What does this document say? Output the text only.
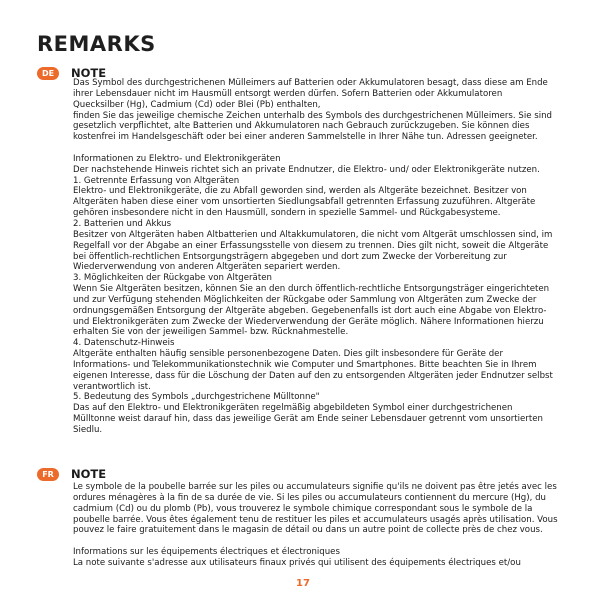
REMARKS
DE	NOTE

Das Symbol des durchgestrichenen Mülleimers auf Batterien oder Akkumulatoren besagt, dass diese am Ende

ihrer Lebensdauer nicht im Hausmüll entsorgt werden dürfen. Sofern Batterien oder Akkumulatoren

Quecksilber (Hg), Cadmium (Cd) oder Blei (Pb) enthalten,

finden Sie das jeweilige chemische Zeichen unterhalb des Symbols des durchgestrichenen Mülleimers. Sie sind

gesetzlich verpflichtet, alte Batterien und Akkumulatoren nach Gebrauch zurückzugeben. Sie können dies

kostenfrei im Handelsgeschäft oder bei einer anderen Sammelstelle in Ihrer Nähe tun. Adressen geeigneter.

Informationen zu Elektro- und Elektronikgeräten

Der nachstehende Hinweis richtet sich an private Endnutzer, die Elektro- und/ oder Elektronikgeräte nutzen.

1. Getrennte Erfassung von Altgeräten

Elektro- und Elektronikgeräte, die zu Abfall geworden sind, werden als Altgeräte bezeichnet. Besitzer von

Altgeräten haben diese einer vom unsortierten Siedlungsabfall getrennten Erfassung zuzuführen. Altgeräte

gehören insbesondere nicht in den Hausmüll, sondern in spezielle Sammel- und Rückgabesysteme.

2. Batterien und Akkus

Besitzer von Altgeräten haben Altbatterien und Altakkumulatoren, die nicht vom Altgerät umschlossen sind, im

Regelfall vor der Abgabe an einer Erfassungsstelle von diesem zu trennen. Dies gilt nicht, soweit die Altgeräte

bei öffentlich-rechtlichen Entsorgungsträgern abgegeben und dort zum Zwecke der Vorbereitung zur

Wiederverwendung von anderen Altgeräten separiert werden.

3. Möglichkeiten der Rückgabe von Altgeräten

Wenn Sie Altgeräten besitzen, können Sie an den durch öffentlich-rechtliche Entsorgungsträger eingerichteten

und zur Verfügung stehenden Möglichkeiten der Rückgabe oder Sammlung von Altgeräten zum Zwecke der

ordnungsgemäßen Entsorgung der Altgeräte abgeben. Gegebenenfalls ist dort auch eine Abgabe von Elektro-

und Elektronikgeräten zum Zwecke der Wiederverwendung der Geräte möglich. Nähere Informationen hierzu

erhalten Sie von der jeweiligen Sammel- bzw. Rücknahmestelle.

4. Datenschutz-Hinweis

Altgeräte enthalten häufig sensible personenbezogene Daten. Dies gilt insbesondere für Geräte der

Informations- und Telekommunikationstechnik wie Computer und Smartphones. Bitte beachten Sie in Ihrem

eigenen Interesse, dass für die Löschung der Daten auf den zu entsorgenden Altgeräten jeder Endnutzer selbst

verantwortlich ist.

5. Bedeutung des Symbols „durchgestrichene Mülltonne"

Das auf den Elektro- und Elektronikgeräten regelmäßig abgebildeten Symbol einer durchgestrichenen

Mülltonne weist darauf hin, dass das jeweilige Gerät am Ende seiner Lebensdauer getrennt vom unsortierten

Siedlu.

FR	NOTE

Le symbole de la poubelle barrée sur les piles ou accumulateurs signifie qu'ils ne doivent pas être jetés avec les

ordures ménagères à la fin de sa durée de vie. Si les piles ou accumulateurs contiennent du mercure (Hg), du

cadmium (Cd) ou du plomb (Pb), vous trouverez le symbole chimique correspondant sous le symbole de la

poubelle barrée. Vous êtes également tenu de restituer les piles et accumulateurs usagés après utilisation. Vous

pouvez le faire gratuitement dans le magasin de détail ou dans un autre point de collecte près de chez vous.

Informations sur les équipements électriques et électroniques

La note suivante s'adresse aux utilisateurs finaux privés qui utilisent des équipements électriques et/ou

17
